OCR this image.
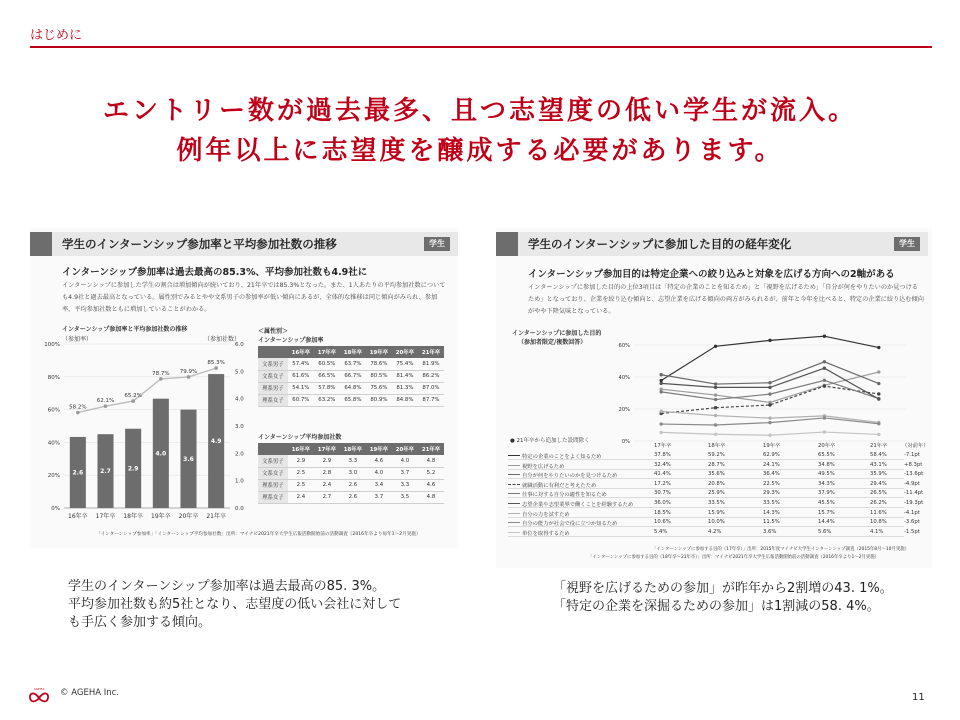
はじめに
エントリー数が過去最多、且つ志望度の低い学生が流入。
例年以上に志望度を醸成する必要があります。
学生のインターンシップ参加率と平均参加社数の推移	学生
インターンシップ参加率は過去最高の85.3%、平均参加社数も4.9社に
インターンシップに参加した学生の割合は増加傾向が続いており、21年卒では85.3%となった。また、1人あたりの平均参加社数についても4.9社と過去最高となっている。属性別でみるとやや文系男子の参加率が低い傾向にあるが、全体的な推移は同じ傾向がみられ、参加率、平均参加社数ともに増加していることがわかる。
インターンシップ参加率と平均参加社数の推移
（参加率）	（参加社数）
0%
20%
40%
60%
80%
100%
0.0
1.0
2.0
3.0
4.0
5.0
6.0
2.6
16年卒
2.7
17年卒
2.9
18年卒
4.0
19年卒
3.6
20年卒
4.9
21年卒
58.2%
62.1%
65.2%
78.7% 79.9%
85.3%
＜属性別＞
インターンシップ参加率
	16年卒	17年卒	18年卒	19年卒	20年卒	21年卒
文系男子	57.4%	60.5%	63.7%	78.6%	75.4%	81.9%
文系女子	61.6%	66.5%	66.7%	80.5%	81.4%	86.2%
理系男子	54.1%	57.8%	64.8%	75.6%	81.3%	87.0%
理系女子	60.7%	63.2%	65.8%	80.9%	84.8%	87.7%
インターンシップ平均参加社数
	16年卒	17年卒	18年卒	19年卒	20年卒	21年卒
文系男子	2.9	2.9	3.3	4.6	4.0	4.8
文系女子	2.5	2.8	3.0	4.0	3.7	5.2
理系男子	2.5	2.4	2.6	3.4	3.3	4.6
理系女子	2.4	2.7	2.6	3.7	3.5	4.8
「インターンシップ参加率」「インターンシップ平均参加社数」出所：マイナビ2021年卒大学生広報活動開始前の活動調査（2016年卒より毎年1〜2月実施）
学生のインターンシップ参加率は過去最高の85. 3%。
平均参加社数も約5社となり、志望度の低い会社に対して
も手広く参加する傾向。
学生のインターンシップに参加した目的の経年変化	学生
インターンシップ参加目的は特定企業への絞り込みと対象を広げる方向への2軸がある
インターンシップに参加した目的の上位3項目は「特定の企業のことを知るため」と「視野を広げるため」「自分が何をやりたいのか見つけるため」となっており、企業を絞り込む傾向と、志望企業を広げる傾向の両方がみられるが、前年と今年を比べると、特定の企業に絞り込む傾向がやや下降気味となっている。
インターンシップに参加した目的
（参加者限定/複数回答）
0%
20%
40%
60%
● 21年卒から追加した設問除く
17年卒	18年卒	19年卒	20年卒	21年卒	（対前年）
特定の企業のことをよく知るため	37.8%	59.2%	62.9%	65.5%	58.4%	-7.1pt
視野を広げるため	32.4%	28.7%	24.1%	34.8%	43.1%	+8.3pt
自分が何をやりたいのかを見つけるため	41.4%	35.6%	36.4%	49.5%	35.9%	-13.6pt
就職活動に有利だと考えたため	17.2%	20.8%	22.5%	34.3%	29.4%	-4.9pt
仕事に対する自分の適性を知るため	30.7%	25.9%	29.3%	37.9%	26.5%	-11.4pt
志望企業や志望業界で働くことを経験するため	36.0%	33.5%	33.5%	45.5%	26.2%	-19.3pt
自分の力を試すため	18.5%	15.9%	14.3%	15.7%	11.6%	-4.1pt
自分の能力が社会で役に立つか知るため	10.6%	10.0%	11.5%	14.4%	10.8%	-3.6pt
単位を取得するため	5.4%	4.2%	3.6%	5.6%	4.1%	-1.5pt
「インターンシップに参加する目的（17年卒）」出所：2015年度マイナビ大学生インターンシップ調査（2015年8月〜10月実施）
「インターンシップに参加する目的（18年卒〜21年卒）」出所：マイナビ2021年卒大学生広報活動開始前の活動調査（2016年卒より1〜2月実施）
「視野を広げるための参加」が昨年から2割増の43. 1%。
「特定の企業を深掘るための参加」は1割減の58. 4%。
AGEHA © AGEHA Inc.	11
